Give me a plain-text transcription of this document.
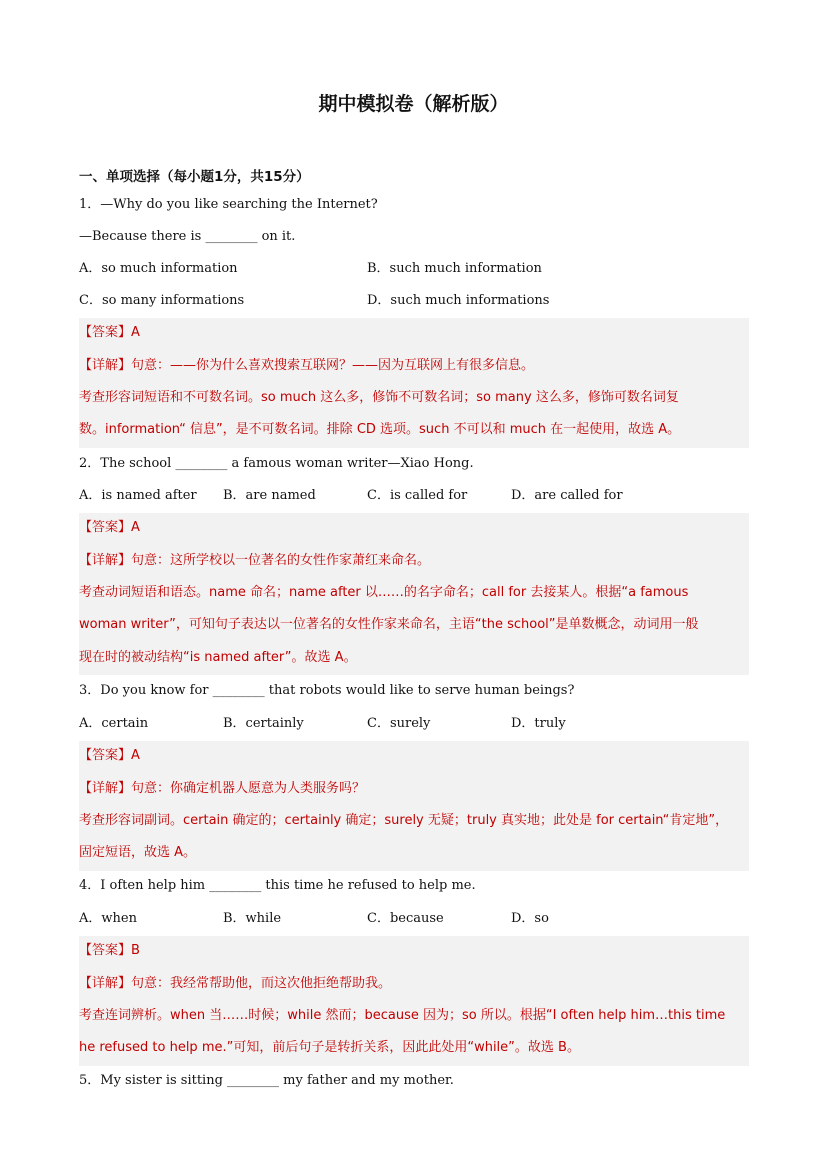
期中模拟卷（解析版）
一、单项选择（每小题1分，共15分）
1．—Why do you like searching the Internet?
—Because there is ________ on it.
A．so much information	B．such much information
C．so many informations	D．such much informations
【答案】A
【详解】句意：——你为什么喜欢搜索互联网？——因为互联网上有很多信息。
考查形容词短语和不可数名词。so much 这么多，修饰不可数名词；so many 这么多，修饰可数名词复
数。information“ 信息”，是不可数名词。排除 CD 选项。such 不可以和 much 在一起使用，故选 A。
2．The school ________ a famous woman writer—Xiao Hong.
A．is named after B．are named	C．is called for	D．are called for
【答案】A
【详解】句意：这所学校以一位著名的女性作家萧红来命名。
考查动词短语和语态。name 命名；name after 以……的名字命名；call for 去接某人。根据“a famous
woman writer”，可知句子表达以一位著名的女性作家来命名，主语“the school”是单数概念，动词用一般
现在时的被动结构“is named after”。故选 A。
3．Do you know for ________ that robots would like to serve human beings?
A．certain	B．certainly	C．surely	D．truly
【答案】A
【详解】句意：你确定机器人愿意为人类服务吗？
考查形容词副词。certain 确定的；certainly 确定；surely 无疑；truly 真实地；此处是 for certain“肯定地”，
固定短语，故选 A。
4．I often help him ________ this time he refused to help me.
A．when	B．while	C．because	D．so
【答案】B
【详解】句意：我经常帮助他，而这次他拒绝帮助我。
考查连词辨析。when 当……时候；while 然而；because 因为；so 所以。根据“I often help him…this time
he refused to help me.”可知，前后句子是转折关系，因此此处用“while”。故选 B。
5．My sister is sitting ________ my father and my mother.
